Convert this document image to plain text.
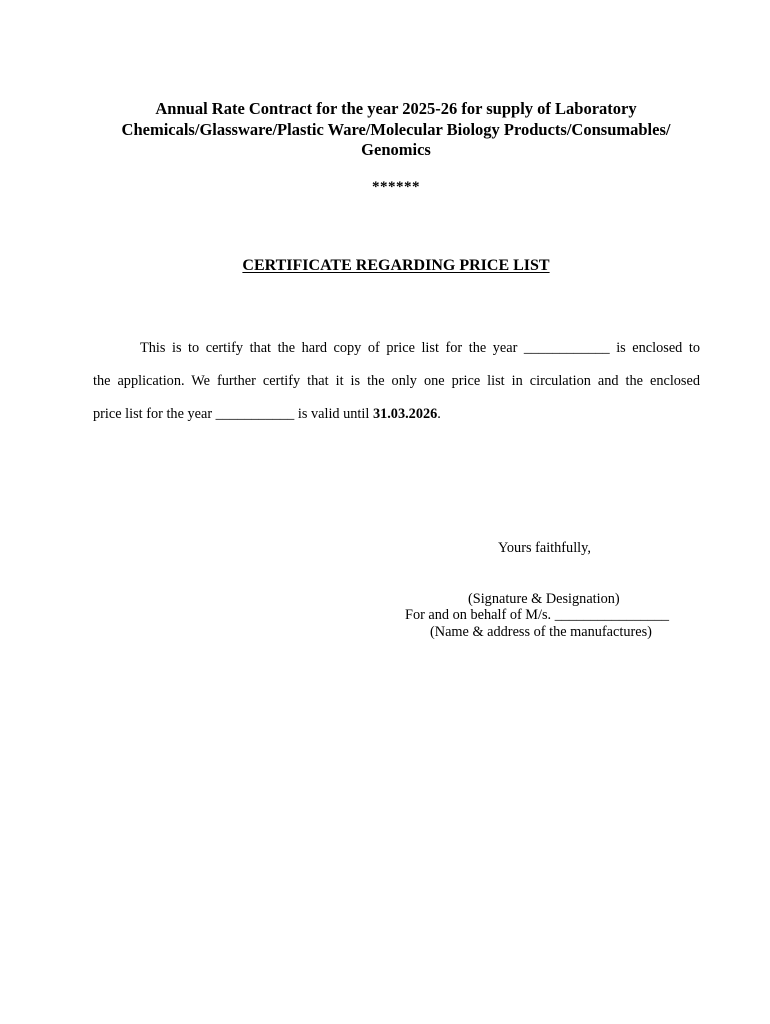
Annual Rate Contract for the year 2025-26 for supply of Laboratory
Chemicals/Glassware/Plastic Ware/Molecular Biology Products/Consumables/
Genomics
******
CERTIFICATE REGARDING PRICE LIST
This is to certify that the hard copy of price list for the year ____________ is enclosed to
the application. We further certify that it is the only one price list in circulation and the enclosed
price list for the year ___________ is valid until 31.03.2026.
Yours faithfully,
(Signature & Designation)
For and on behalf of M/s. ________________
(Name & address of the manufactures)
